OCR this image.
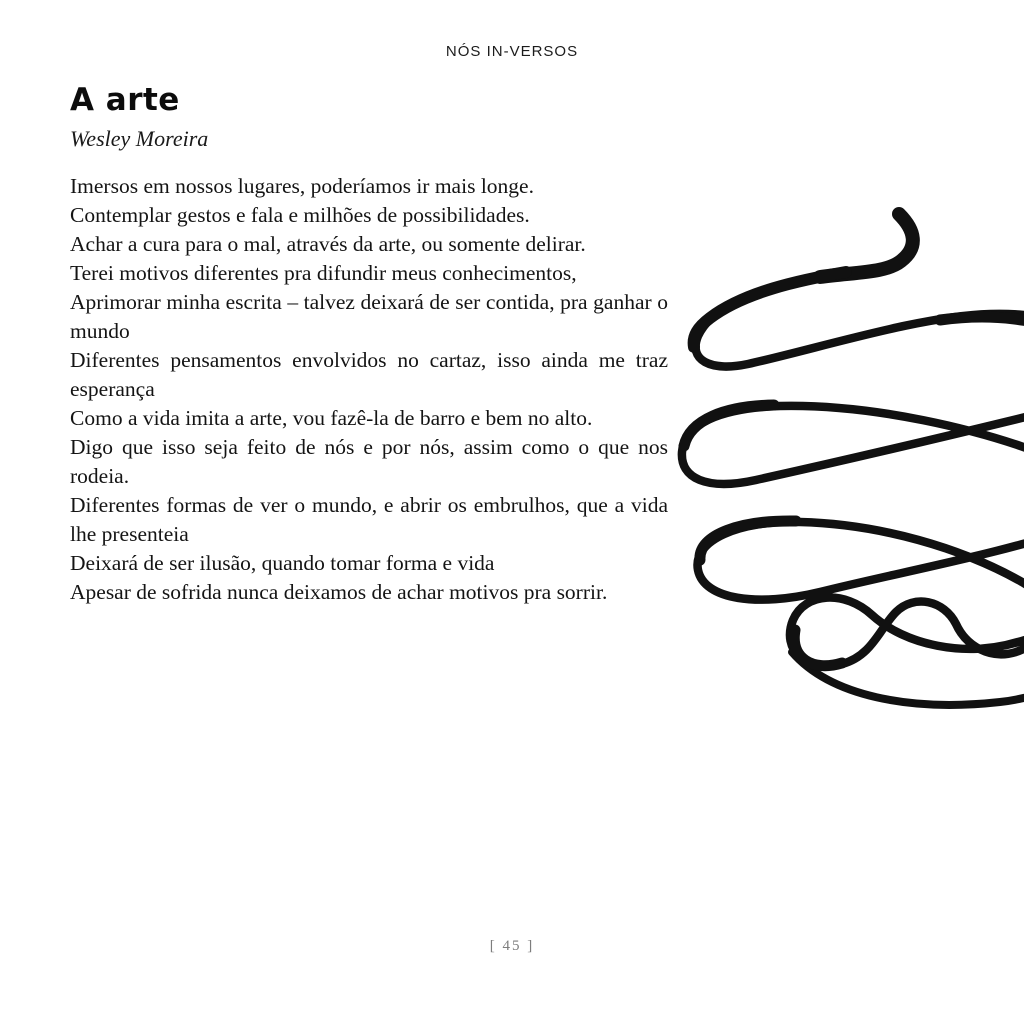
NÓS IN-VERSOS
A arte
Wesley Moreira

Imersos em nossos lugares, poderíamos ir mais longe.

Contemplar gestos e fala e milhões de possibilidades.

Achar a cura para o mal, através da arte, ou somente delirar.

Terei motivos diferentes pra difundir meus conhecimentos,

Aprimorar minha escrita – talvez deixará de ser contida, pra ganhar o mundo

Diferentes pensamentos envolvidos no cartaz, isso ainda me traz esperança

Como a vida imita a arte, vou fazê-la de barro e bem no alto.

Digo que isso seja feito de nós e por nós, assim como o que nos rodeia.

Diferentes formas de ver o mundo, e abrir os embrulhos, que a vida lhe presenteia

Deixará de ser ilusão, quando tomar forma e vida

Apesar de sofrida nunca deixamos de achar motivos pra sorrir.

[ 45 ]
